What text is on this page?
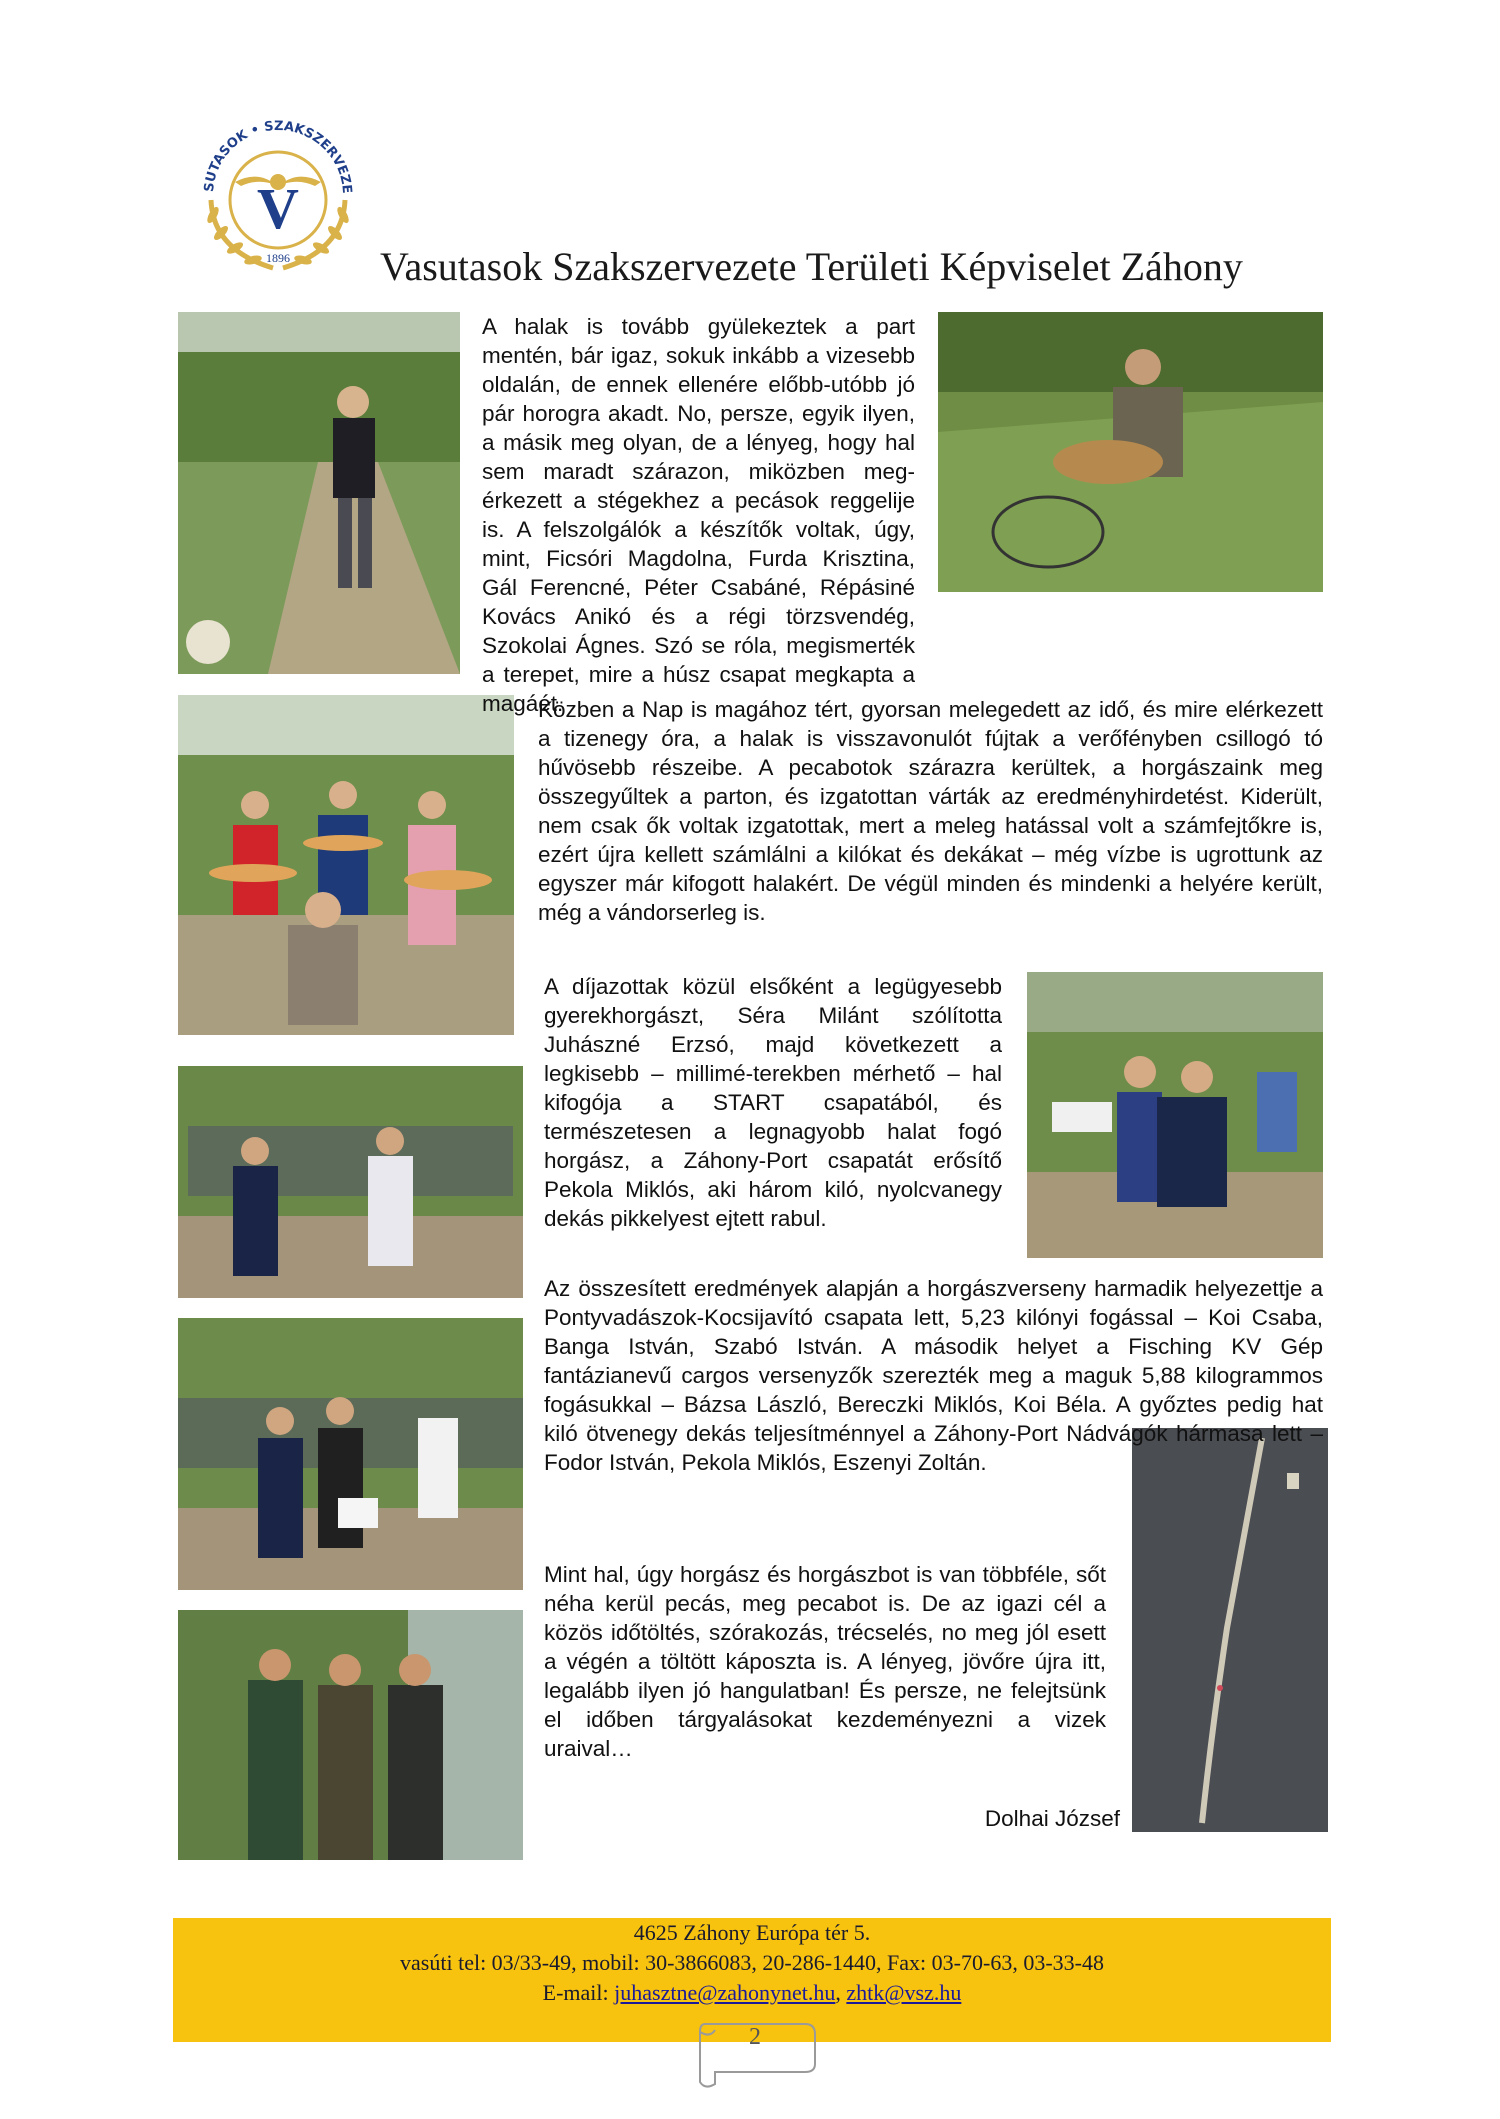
SUTASOK • SZAKSZERVEZE
V
1896 Vasutasok Szakszervezete Területi Képviselet Záhony

A halak is tovább gyülekeztek a part mentén, bár igaz, sokuk inkább a vizesebb oldalán, de ennek ellenére előbb-utóbb jó pár horogra akadt. No, persze, egyik ilyen, a másik meg olyan, de a lényeg, hogy hal sem maradt szárazon, miközben meg-érkezett a stégekhez a pecások reggelije is. A felszolgálók a készítők voltak, úgy, mint, Ficsóri Magdolna, Furda Krisztina, Gál Ferencné, Péter Csabáné, Répásiné Kovács Anikó és a régi törzsvendég, Szokolai Ágnes. Szó se róla, megismerték a terepet, mire a húsz csapat megkapta a magáét.

Közben a Nap is magához tért, gyorsan melegedett az idő, és mire elérkezett a tizenegy óra, a halak is visszavonulót fújtak a verőfényben csillogó tó hűvösebb részeibe. A pecabotok szárazra kerültek, a horgászaink meg összegyűltek a parton, és izgatottan várták az eredményhirdetést. Kiderült, nem csak ők voltak izgatottak, mert a meleg hatással volt a számfejtőkre is, ezért újra kellett számlálni a kilókat és dekákat – még vízbe is ugrottunk az egyszer már kifogott halakért. De végül minden és mindenki a helyére került, még a vándorserleg is.
A díjazottak közül elsőként a legügyesebb gyerekhorgászt, Séra Milánt szólította Juhászné Erzsó, majd következett a legkisebb – millimé-terekben mérhető – hal kifogója a START csapatából, és természetesen a legnagyobb halat fogó horgász, a Záhony-Port csapatát erősítő Pekola Miklós, aki három kiló, nyolcvanegy dekás pikkelyest ejtett rabul.
Az összesített eredmények alapján a horgászverseny harmadik helyezettje a Pontyvadászok-Kocsijavító csapata lett, 5,23 kilónyi fogással – Koi Csaba, Banga István, Szabó István. A második helyet a Fisching KV Gép fantázianevű cargos versenyzők szerezték meg a maguk 5,88 kilogrammos fogásukkal – Bázsa László, Bereczki Miklós, Koi Béla. A győztes pedig hat kiló ötvenegy dekás teljesítménnyel a Záhony-Port Nádvágók hármasa lett – Fodor István, Pekola Miklós, Eszenyi Zoltán.
Mint hal, úgy horgász és horgászbot is van többféle, sőt néha kerül pecás, meg pecabot is. De az igazi cél a közös időtöltés, szórakozás, trécselés, no meg jól esett a végén a töltött káposzta is. A lényeg, jövőre újra itt, legalább ilyen jó hangulatban! És persze, ne felejtsünk el időben tárgyalásokat kezdeményezni a vizek uraival…
Dolhai József
4625 Záhony Európa tér 5.
vasúti tel: 03/33-49, mobil: 30-3866083, 20-286-1440, Fax: 03-70-63, 03-33-48
E-mail: juhasztne@zahonynet.hu, zhtk@vsz.hu
2
